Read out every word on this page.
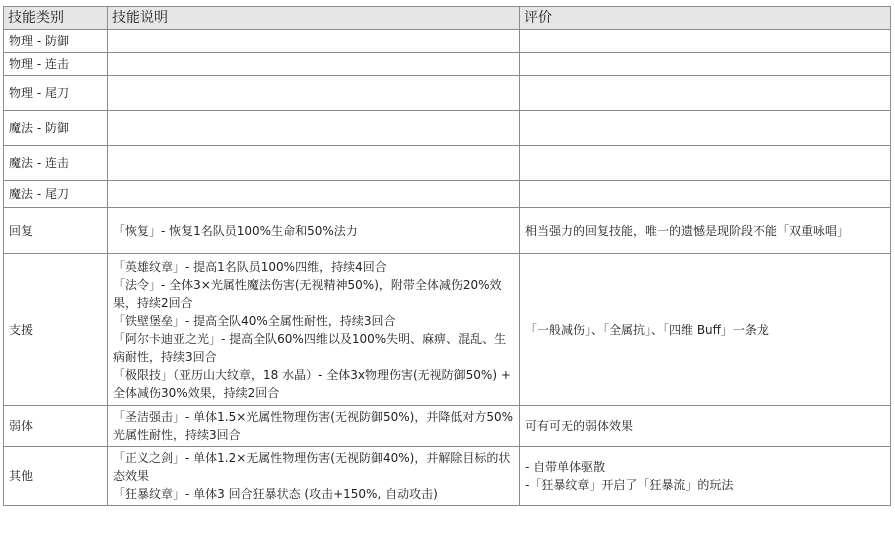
技能类别	技能说明	评价
物理 - 防御		
物理 - 连击		
物理 - 尾刀		
魔法 - 防御		
魔法 - 连击		
魔法 - 尾刀		
回复	「恢复」- 恢复1名队员100%生命和50%法力	相当强力的回复技能，唯一的遗憾是现阶段不能「双重咏唱」

支援	「英雄纹章」- 提高1名队员100%四维，持续4回合
「法令」- 全体3×光属性魔法伤害(无视精神50%)，附带全体减伤20%效果，持续2回合
「铁壁堡垒」- 提高全队40%全属性耐性，持续3回合
「阿尔卡迪亚之光」- 提高全队60%四维以及100%失明、麻痹、混乱、生病耐性，持续3回合
「极限技」（亚历山大纹章，18 水晶）- 全体3x物理伤害(无视防御50%) + 全体减伤30%效果，持续2回合	「一般减伤」、「全属抗」、「四维 Buff」一条龙

弱体	「圣洁强击」- 单体1.5×光属性物理伤害(无视防御50%)，并降低对方50%光属性耐性，持续3回合	可有可无的弱体效果

其他	「正义之剑」- 单体1.2×无属性物理伤害(无视防御40%)，并解除目标的状态效果
「狂暴纹章」- 单体3 回合狂暴状态 (攻击+150%, 自动攻击)	- 自带单体驱散
-「狂暴纹章」开启了「狂暴流」的玩法
